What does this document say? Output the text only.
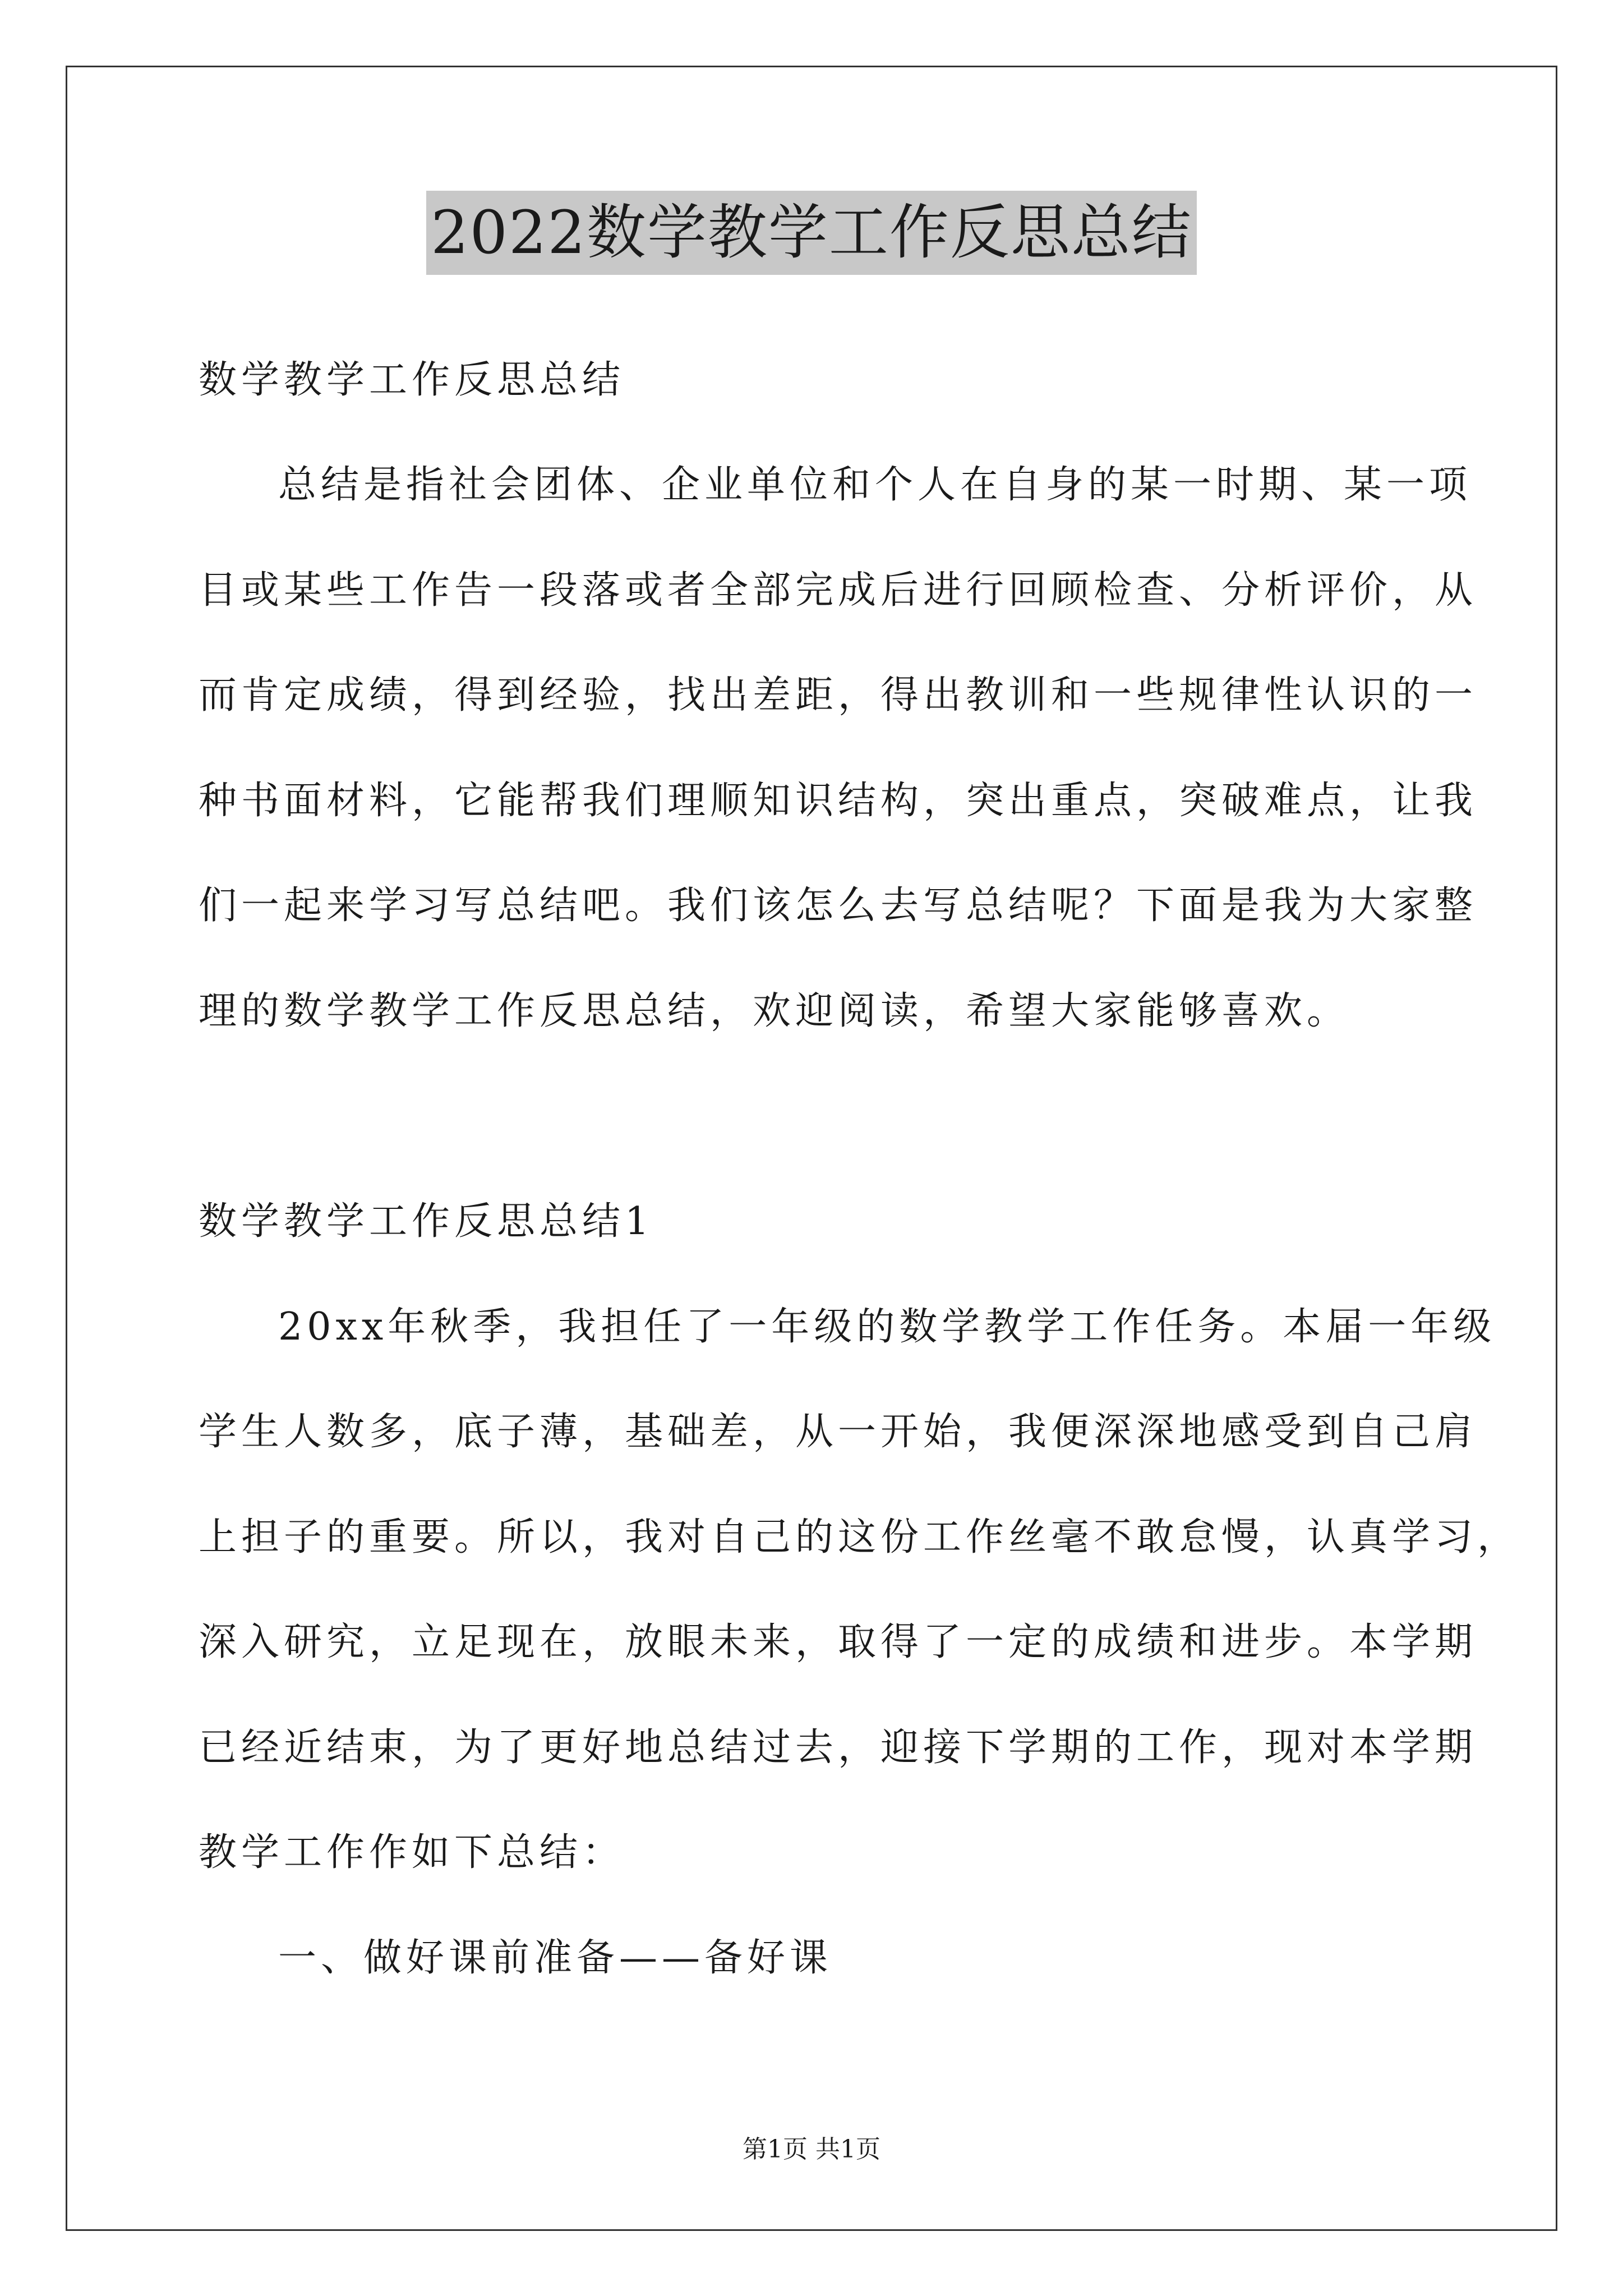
2022数学教学工作反思总结
数学教学工作反思总结
总结是指社会团体、企业单位和个人在自身的某一时期、某一项
目或某些工作告一段落或者全部完成后进行回顾检查、分析评价，从
而肯定成绩，得到经验，找出差距，得出教训和一些规律性认识的一
种书面材料，它能帮我们理顺知识结构，突出重点，突破难点，让我
们一起来学习写总结吧。我们该怎么去写总结呢？下面是我为大家整
理的数学教学工作反思总结，欢迎阅读，希望大家能够喜欢。
数学教学工作反思总结1
20xx年秋季，我担任了一年级的数学教学工作任务。本届一年级
学生人数多，底子薄，基础差，从一开始，我便深深地感受到自己肩
上担子的重要。所以，我对自己的这份工作丝毫不敢怠慢，认真学习，
深入研究，立足现在，放眼未来，取得了一定的成绩和进步。本学期
已经近结束，为了更好地总结过去，迎接下学期的工作，现对本学期
教学工作作如下总结：
一、做好课前准备——备好课
第1页 共1页
